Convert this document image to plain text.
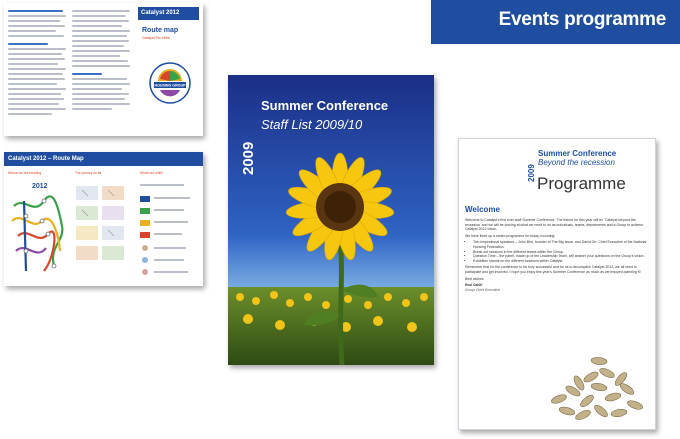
Events programme
Catalyst 2012
Route map
Catalyst Pre Hilite
HOUSING GROUP
Catalyst 2012 – Route Map
Where we are heading	The journey so far	Worth our while
2012
2009
Summer Conference
Staff List 2009/10
2009
Summer Conference
Beyond the recession
Programme
Welcome

Welcome to Catalyst's first ever staff Summer Conference. The theme for this year will be 'Catalyst beyond the recession' and we will be looking at what we need to do as individuals, teams, departments and a Group to achieve Catalyst 2012 vision.

We have lined up a varied programme for today, including:

• Two inspirational speakers – John Bird, founder of The Big Issue, and David Orr, Chief Executive of the National Housing Federation.
• Break-out sessions in the different teams within the Group.
• Question Time – the panel, made up of the Leadership Team, will answer your questions on the Group's vision.
• Exhibition stands on the different functions within Catalyst.

Remember that for the conference to be truly successful and for us to accomplish Catalyst 2012, we all need to participate and get involved. I hope you enjoy this year's Summer Conference as much as we enjoyed planning it!

Best wishes

Rod Cahill
Group Chief Executive
